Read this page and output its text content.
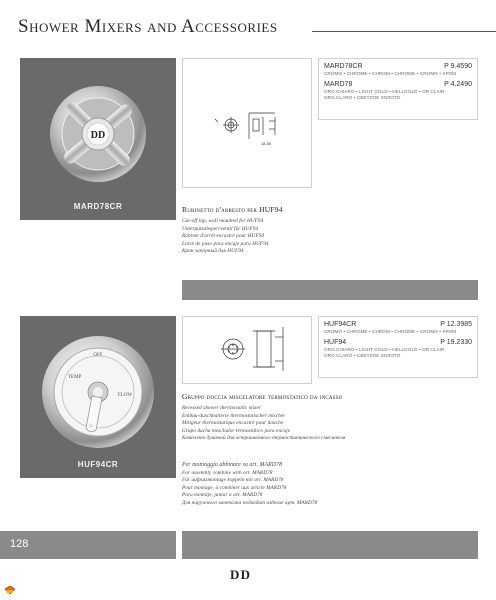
Shower Mixers and Accessories
DD
MARD78CR
18-50
MARD78CR	P 9.4590
CROMO • CHROME • CHROM • CHROME • CROMO • ХРОМ
MARD78	P 4.2490
ORO CHIARO • LIGHT GOLD • HELLGOLD • OR CLAIR
ORO CLARO • СВЕТЛОЕ ЗОЛОТО
Rubinetto d'arresto per HUF94
Cut-off tap, wall mounted for HUF94
Unterputzabsperrventil für HUF94
Robinet d'arrêt encastré pour HUF94
Llave de paso para encaje para HUF94
Кран запорный для HUF94
OFF
TEMP
FLOW
HUF94CR
HUF94CR	P 12.3985
CROMO • CHROME • CHROM • CHROME • CROMO • ХРОМ
HUF94	P 19.2330
ORO CHIARO • LIGHT GOLD • HELLGOLD • OR CLAIR
ORO CLARO • СВЕТЛОЕ ЗОЛОТО
Gruppo doccia miscelatore termostatico da incasso
Recessed shower thermostatic mixer
Einbau-duschbatterie thermostatischer mischer
Mitigeur thermostatique encastré pour douche
Grupo ducha mezclador termostático para encaje
Комплект душевой для встраиваемого термостатического смесителя
Per montaggio abbinare su art. MARD78
For assembly combine with art. MARD78
Für aufputzmontage koppeln mit art. MARD78
Pour montage, à combiner aux article MARD78
Para montaje, juntar a art. MARD78
Для наружного монтажа подходит изделие арт. MARD78
128
D D
